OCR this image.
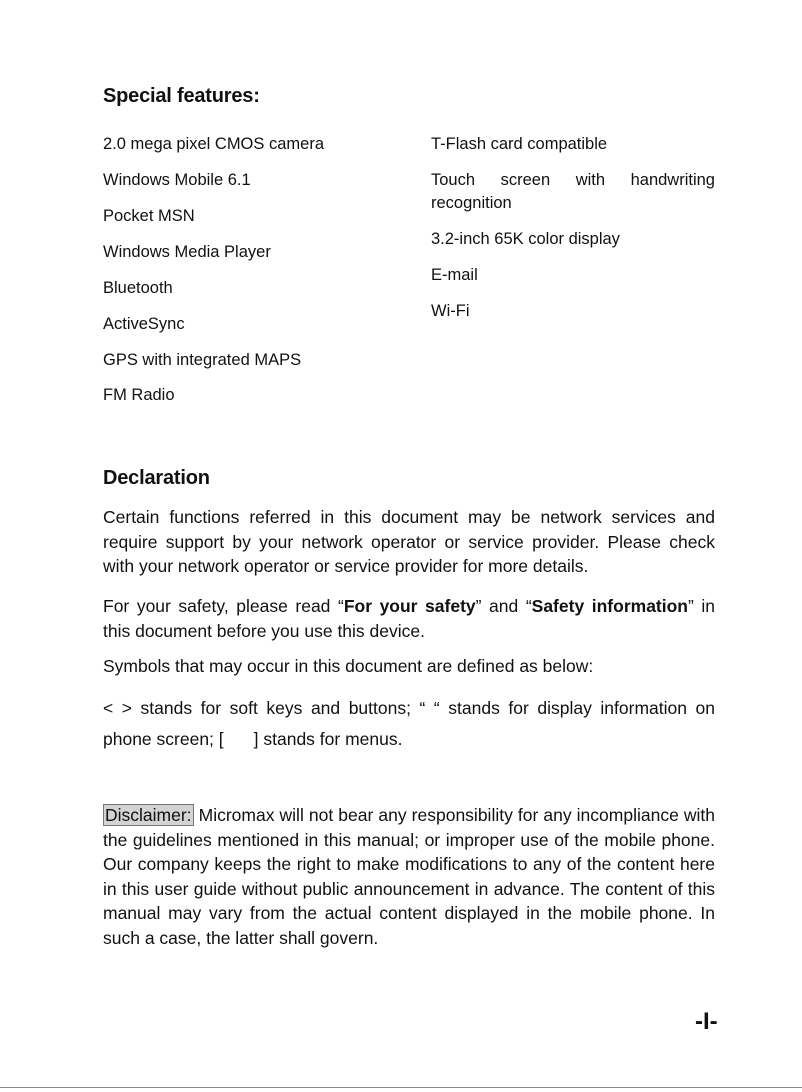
Special features:

2.0 mega pixel CMOS camera

Windows Mobile 6.1

Pocket MSN

Windows Media Player

Bluetooth

ActiveSync

GPS with integrated MAPS

FM Radio

T-Flash card compatible

Touch screen with handwriting recognition

3.2-inch 65K color display

E-mail

Wi-Fi

Declaration

Certain functions referred in this document may be network services and require support by your network operator or service provider. Please check with your network operator or service provider for more details.

For your safety, please read “For your safety” and “Safety information” in this document before you use this device.

Symbols that may occur in this document are defined as below:

< > stands for soft keys and buttons; “ “ stands for display information on phone screen; [ ] stands for menus.

Disclaimer: Micromax will not bear any responsibility for any incompliance with the guidelines mentioned in this manual; or improper use of the mobile phone. Our company keeps the right to make modifications to any of the content here in this user guide without public announcement in advance. The content of this manual may vary from the actual content displayed in the mobile phone. In such a case, the latter shall govern.

-I-
